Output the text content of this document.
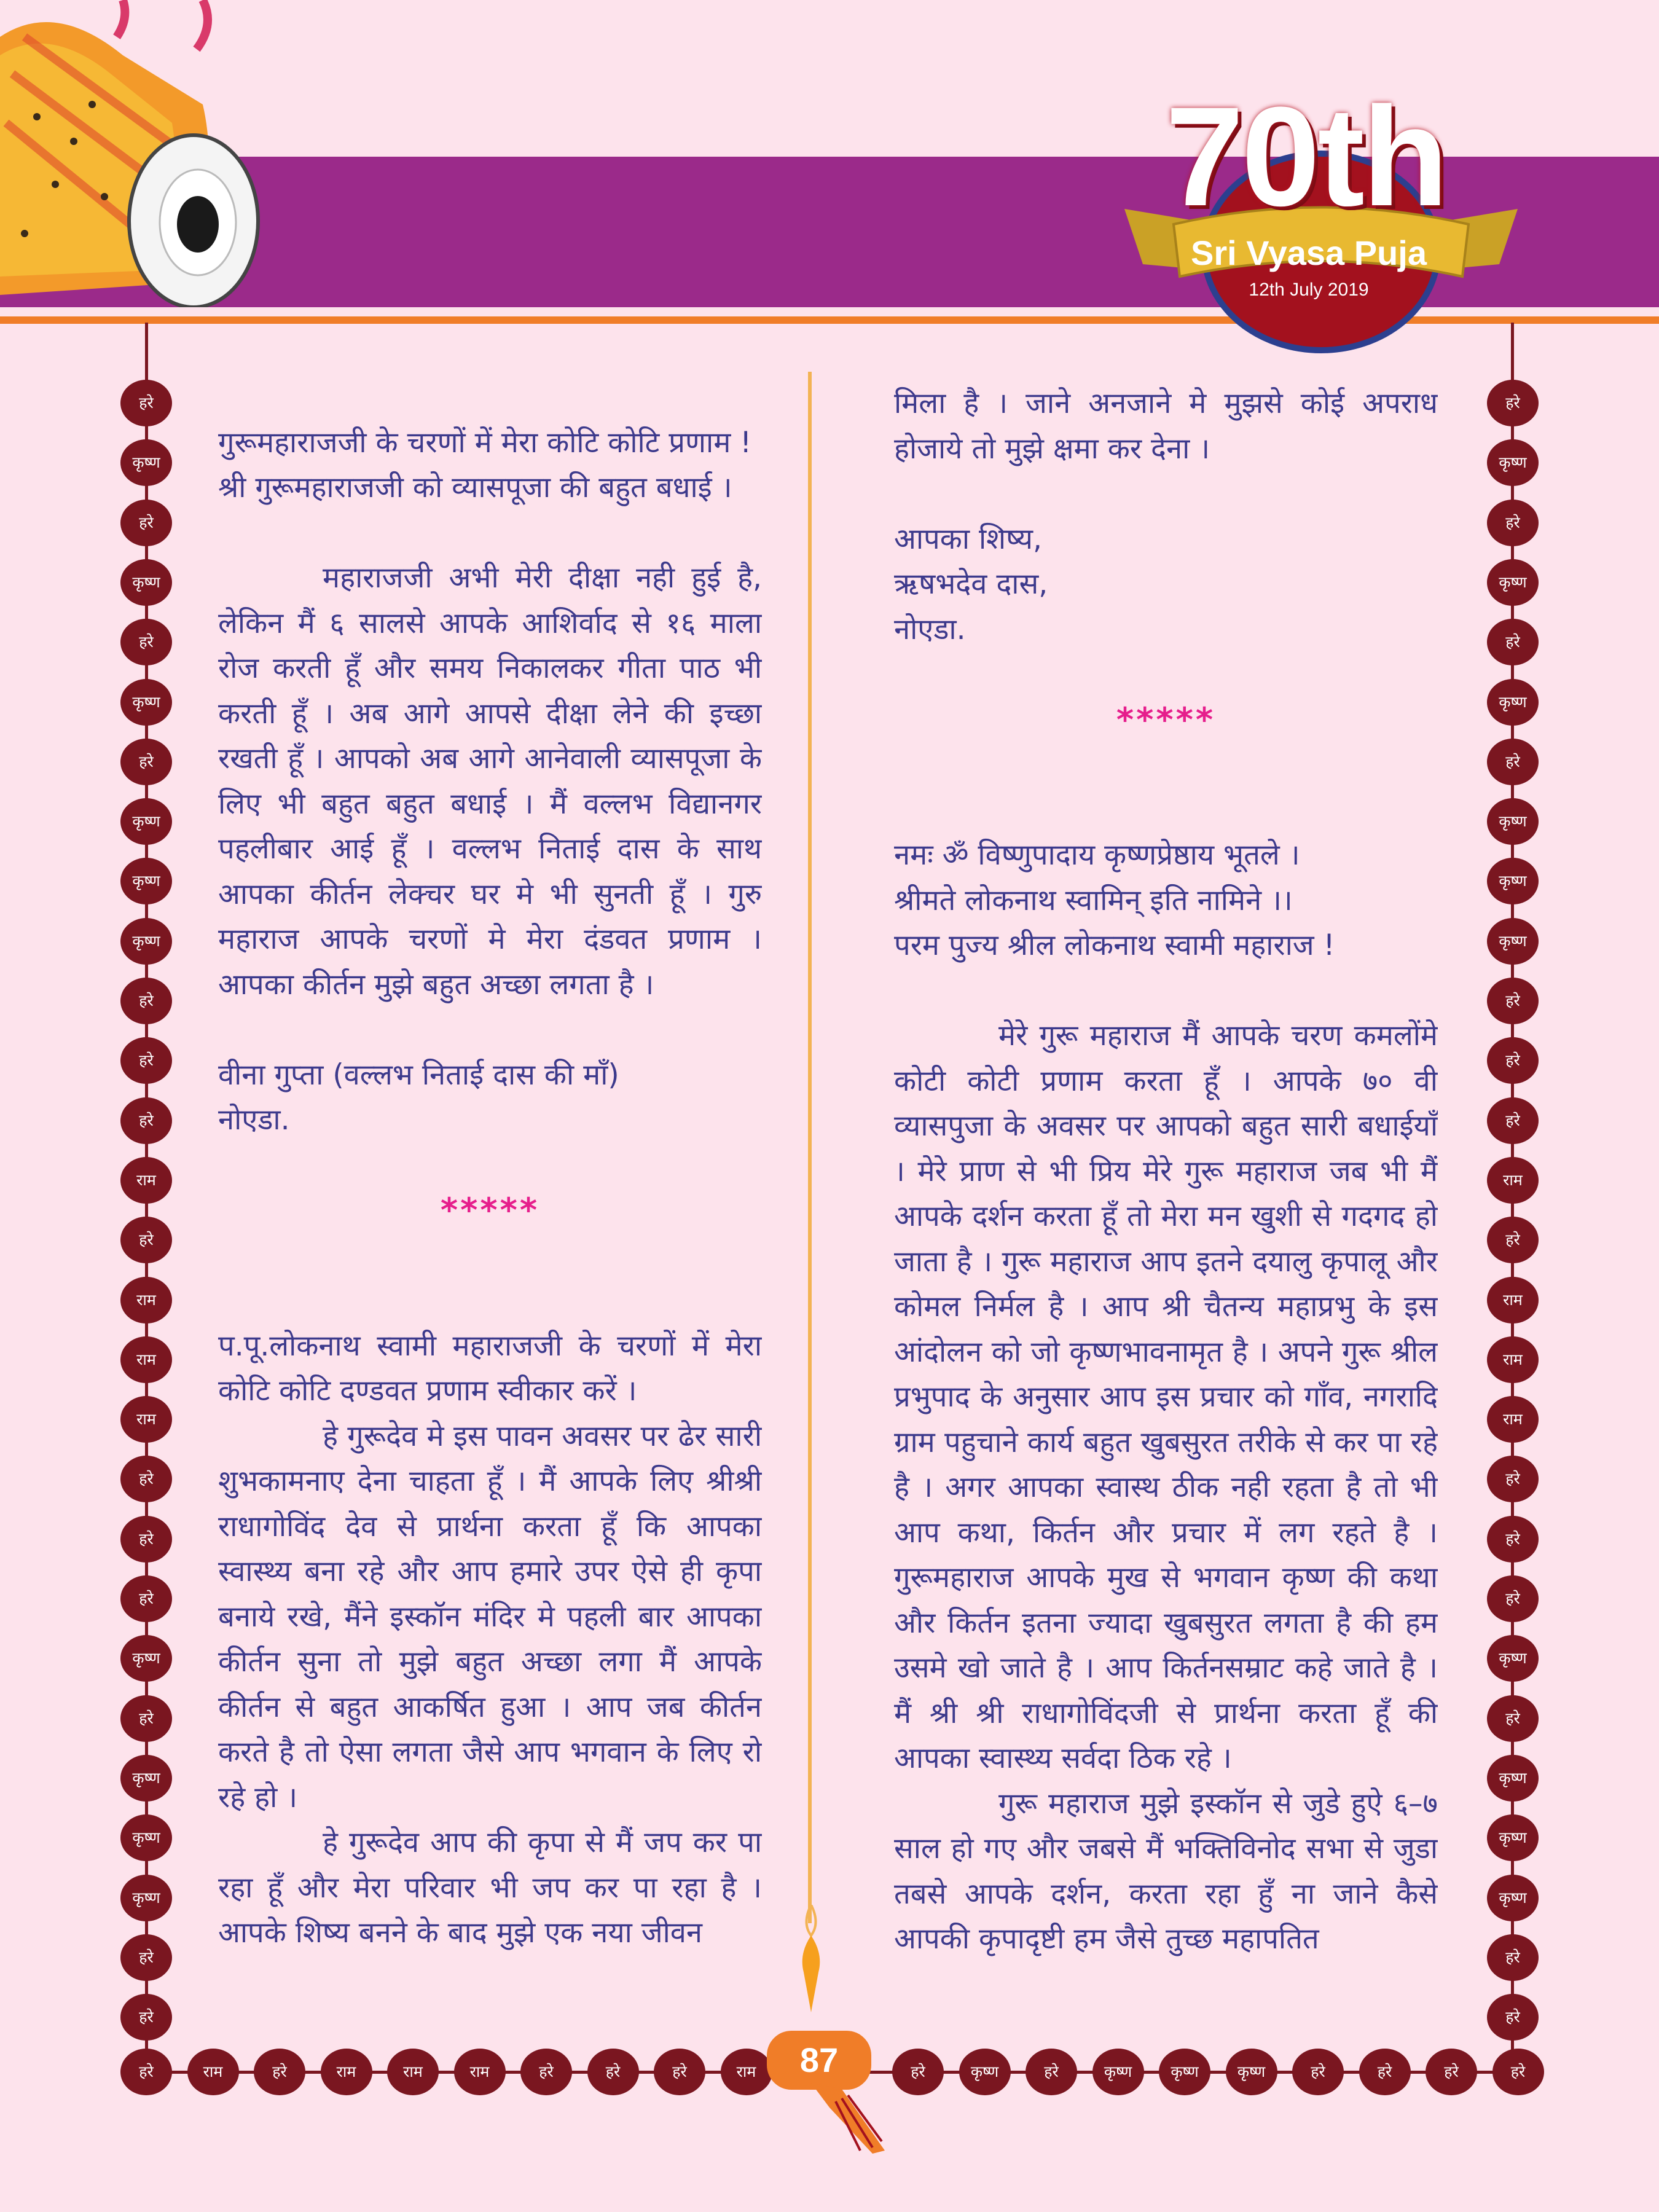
70th
Sri Vyasa Puja
12th July 2019
हरे
कृष्ण
हरे
कृष्ण
हरे
कृष्ण
हरे
कृष्ण
कृष्ण
कृष्ण
हरे
हरे
हरे
राम
हरे
राम
राम
राम
हरे
हरे
हरे
कृष्ण
हरे
कृष्ण
कृष्ण
कृष्ण
हरे
हरे
हरे
कृष्ण
हरे
कृष्ण
हरे
कृष्ण
हरे
कृष्ण
कृष्ण
कृष्ण
हरे
हरे
हरे
राम
हरे
राम
राम
राम
हरे
हरे
हरे
कृष्ण
हरे
कृष्ण
कृष्ण
कृष्ण
हरे
हरे
हरे	राम	हरे	राम	राम	राम	हरे	हरे	हरे	राम	हरे	कृष्ण	हरे	कृष्ण	कृष्ण	कृष्ण	हरे	हरे	हरे	हरे

गुरूमहाराजजी के चरणों में मेरा कोटि कोटि प्रणाम !

श्री गुरूमहाराजजी को व्यासपूजा की बहुत बधाई ।

महाराजजी अभी मेरी दीक्षा नही हुई है, लेकिन मैं ६ सालसे आपके आशिर्वाद से १६ माला रोज करती हूँ और समय निकालकर गीता पाठ भी करती हूँ । अब आगे आपसे दीक्षा लेने की इच्छा रखती हूँ । आपको अब आगे आनेवाली व्यासपूजा के लिए भी बहुत बहुत बधाई । मैं वल्लभ विद्यानगर पहलीबार आई हूँ । वल्लभ निताई दास के साथ आपका कीर्तन लेक्चर घर मे भी सुनती हूँ । गुरु महाराज आपके चरणों मे मेरा दंडवत प्रणाम । आपका कीर्तन मुझे बहुत अच्छा लगता है ।

वीना गुप्ता (वल्लभ निताई दास की माँ)

नोएडा.

*****

प.पू.लोकनाथ स्वामी महाराजजी के चरणों में मेरा कोटि कोटि दण्डवत प्रणाम स्वीकार करें ।

हे गुरूदेव मे इस पावन अवसर पर ढेर सारी शुभकामनाए देना चाहता हूँ । मैं आपके लिए श्रीश्री राधागोविंद देव से प्रार्थना करता हूँ कि आपका स्वास्थ्य बना रहे और आप हमारे उपर ऐसे ही कृपा बनाये रखे, मैंने इस्कॉन मंदिर मे पहली बार आपका कीर्तन सुना तो मुझे बहुत अच्छा लगा मैं आपके कीर्तन से बहुत आकर्षित हुआ । आप जब कीर्तन करते है तो ऐसा लगता जैसे आप भगवान के लिए रो रहे हो ।

हे गुरूदेव आप की कृपा से मैं जप कर पा रहा हूँ और मेरा परिवार भी जप कर पा रहा है । आपके शिष्य बनने के बाद मुझे एक नया जीवन

मिला है । जाने अनजाने मे मुझसे कोई अपराध होजाये तो मुझे क्षमा कर देना ।

आपका शिष्य,

ऋषभदेव दास,

नोएडा.

*****

नमः ॐ विष्णुपादाय कृष्णप्रेष्ठाय भूतले ।

श्रीमते लोकनाथ स्वामिन् इति नामिने ।।

परम पुज्य श्रील लोकनाथ स्वामी महाराज !

मेरे गुरू महाराज मैं आपके चरण कमलोंमे कोटी कोटी प्रणाम करता हूँ । आपके ७० वी व्यासपुजा के अवसर पर आपको बहुत सारी बधाईयाँ । मेरे प्राण से भी प्रिय मेरे गुरू महाराज जब भी मैं आपके दर्शन करता हूँ तो मेरा मन खुशी से गदगद हो जाता है । गुरू महाराज आप इतने दयालु कृपालू और कोमल निर्मल है । आप श्री चैतन्य महाप्रभु के इस आंदोलन को जो कृष्णभावनामृत है । अपने गुरू श्रील प्रभुपाद के अनुसार आप इस प्रचार को गाँव, नगरादि ग्राम पहुचाने कार्य बहुत खुबसुरत तरीके से कर पा रहे है । अगर आपका स्वास्थ ठीक नही रहता है तो भी आप कथा, किर्तन और प्रचार में लग रहते है । गुरूमहाराज आपके मुख से भगवान कृष्ण की कथा और किर्तन इतना ज्यादा खुबसुरत लगता है की हम उसमे खो जाते है । आप किर्तनसम्राट कहे जाते है । मैं श्री श्री राधागोविंदजी से प्रार्थना करता हूँ की आपका स्वास्थ्य सर्वदा ठिक रहे ।

गुरू महाराज मुझे इस्कॉन से जुडे हुऐ ६–७ साल हो गए और जबसे मैं भक्तिविनोद सभा से जुडा तबसे आपके दर्शन, करता रहा हुँ ना जाने कैसे आपकी कृपादृष्टी हम जैसे तुच्छ महापतित

87
